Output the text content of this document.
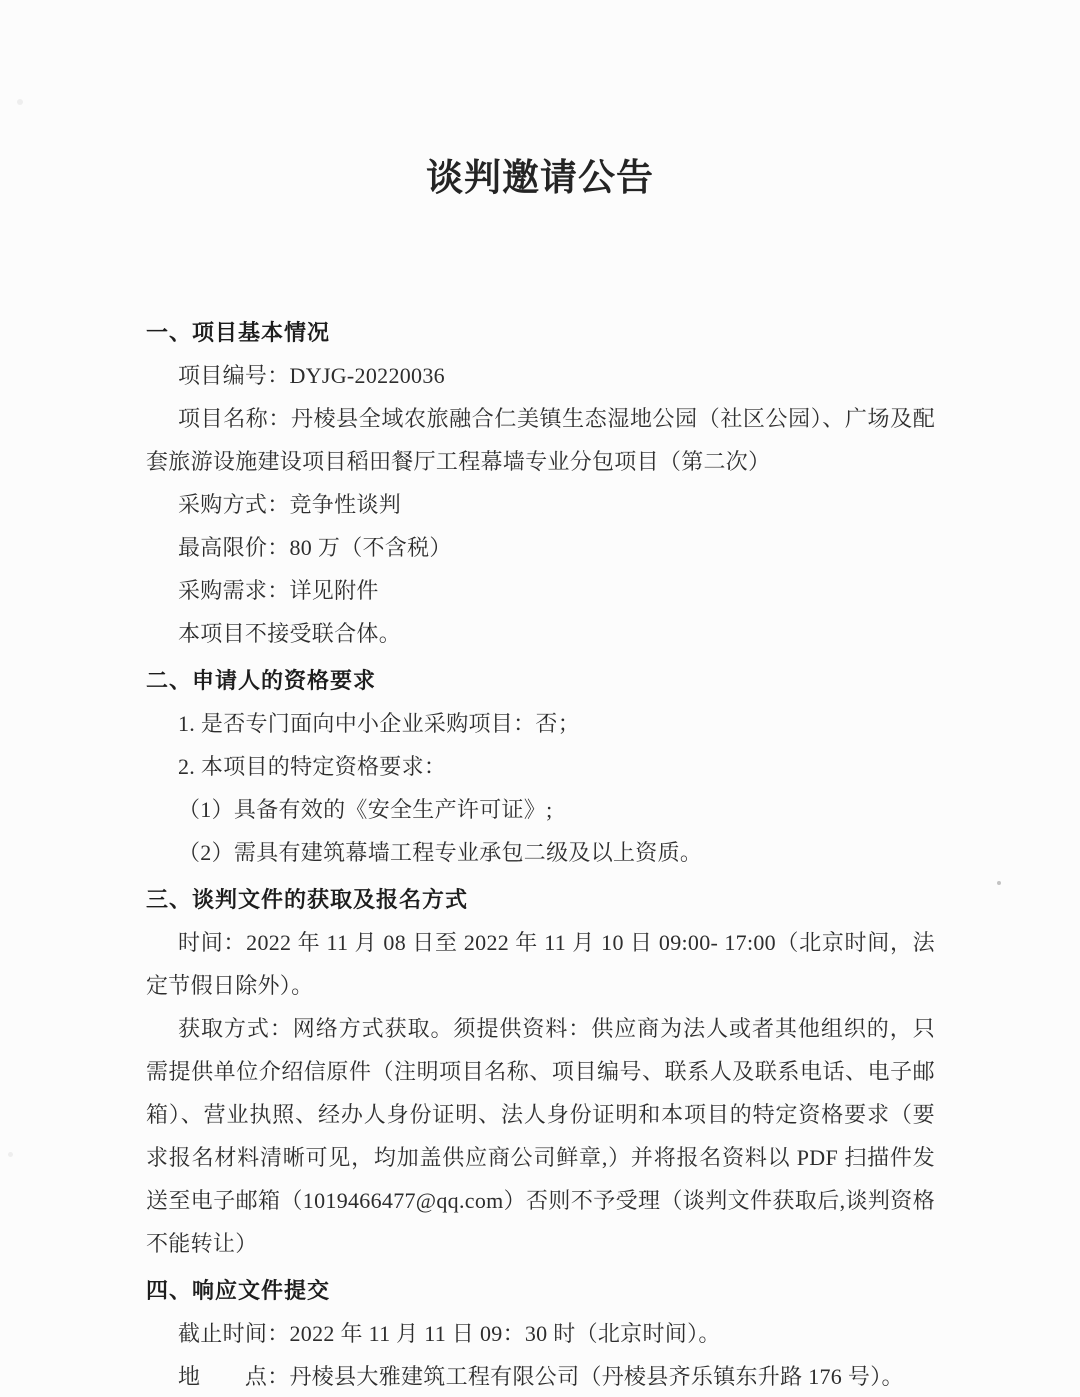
谈判邀请公告
一、项目基本情况

项目编号：DYJG-20220036

项目名称：丹棱县全域农旅融合仁美镇生态湿地公园（社区公园）、广场及配套旅游设施建设项目稻田餐厅工程幕墙专业分包项目（第二次）

采购方式：竞争性谈判

最高限价：80 万（不含税）

采购需求：详见附件

本项目不接受联合体。

二、申请人的资格要求

1. 是否专门面向中小企业采购项目：否；

2. 本项目的特定资格要求：

（1）具备有效的《安全生产许可证》;

（2）需具有建筑幕墙工程专业承包二级及以上资质。

三、谈判文件的获取及报名方式

时间：2022 年 11 月 08 日至 2022 年 11 月 10 日 09:00- 17:00（北京时间，法定节假日除外）。

获取方式：网络方式获取。须提供资料：供应商为法人或者其他组织的，只需提供单位介绍信原件（注明项目名称、项目编号、联系人及联系电话、电子邮箱）、营业执照、经办人身份证明、法人身份证明和本项目的特定资格要求（要求报名材料清晰可见，均加盖供应商公司鲜章,）并将报名资料以 PDF 扫描件发送至电子邮箱（1019466477@qq.com）否则不予受理（谈判文件获取后,谈判资格不能转让）

四、响应文件提交

截止时间：2022 年 11 月 11 日 09：30 时（北京时间）。

地　　点：丹棱县大雅建筑工程有限公司（丹棱县齐乐镇东升路 176 号）。
